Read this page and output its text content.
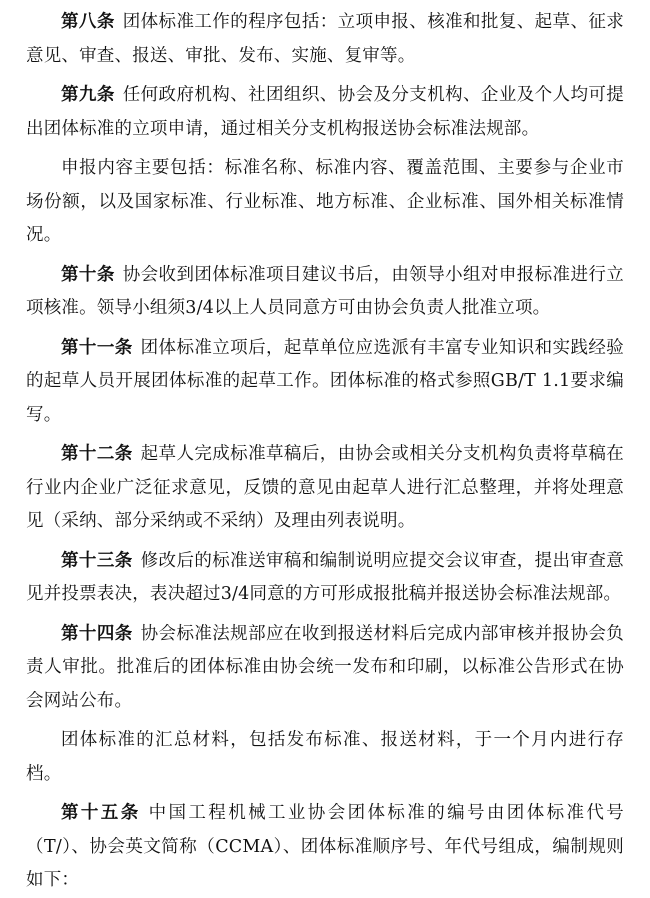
第八条 团体标准工作的程序包括：立项申报、核准和批复、起草、征求意见、审查、报送、审批、发布、实施、复审等。

第九条 任何政府机构、社团组织、协会及分支机构、企业及个人均可提出团体标准的立项申请，通过相关分支机构报送协会标准法规部。

申报内容主要包括：标准名称、标准内容、覆盖范围、主要参与企业市场份额，以及国家标准、行业标准、地方标准、企业标准、国外相关标准情况。

第十条 协会收到团体标准项目建议书后，由领导小组对申报标准进行立项核准。领导小组须3/4以上人员同意方可由协会负责人批准立项。

第十一条 团体标准立项后，起草单位应选派有丰富专业知识和实践经验的起草人员开展团体标准的起草工作。团体标准的格式参照GB/T 1.1要求编写。

第十二条 起草人完成标准草稿后，由协会或相关分支机构负责将草稿在行业内企业广泛征求意见，反馈的意见由起草人进行汇总整理，并将处理意见（采纳、部分采纳或不采纳）及理由列表说明。

第十三条 修改后的标准送审稿和编制说明应提交会议审查，提出审查意见并投票表决，表决超过3/4同意的方可形成报批稿并报送协会标准法规部。

第十四条 协会标准法规部应在收到报送材料后完成内部审核并报协会负责人审批。批准后的团体标准由协会统一发布和印刷，以标准公告形式在协会网站公布。

团体标准的汇总材料，包括发布标准、报送材料，于一个月内进行存档。

第十五条 中国工程机械工业协会团体标准的编号由团体标准代号（T/）、协会英文简称（CCMA）、团体标准顺序号、年代号组成，编制规则如下：
